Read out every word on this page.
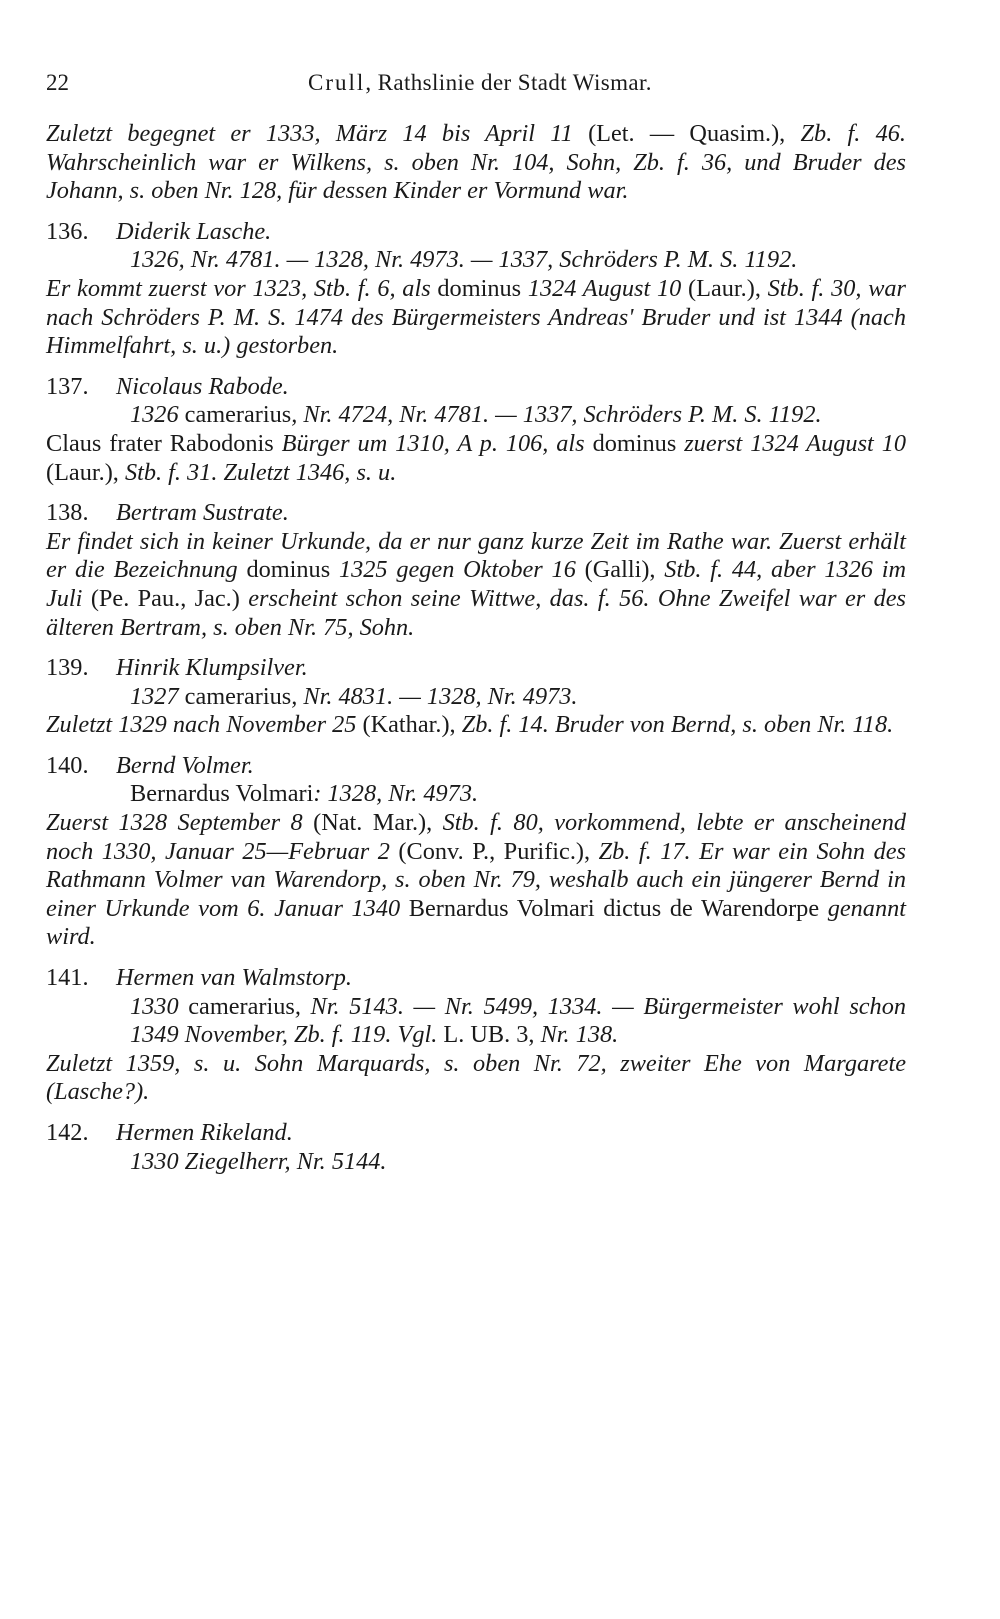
22	Crull, Rathslinie der Stadt Wismar.

Zuletzt begegnet er 1333, März 14 bis April 11 (Let. — Quasim.), Zb. f. 46. Wahrscheinlich war er Wilkens, s. oben Nr. 104, Sohn, Zb. f. 36, und Bruder des Johann, s. oben Nr. 128, für dessen Kinder er Vormund war.

136. Diderik Lasche.

1326, Nr. 4781. — 1328, Nr. 4973. — 1337, Schröders P. M. S. 1192.

Er kommt zuerst vor 1323, Stb. f. 6, als dominus 1324 August 10 (Laur.), Stb. f. 30, war nach Schröders P. M. S. 1474 des Bürgermeisters Andreas' Bruder und ist 1344 (nach Himmelfahrt, s. u.) gestorben.

137. Nicolaus Rabode.

1326 camerarius, Nr. 4724, Nr. 4781. — 1337, Schröders P. M. S. 1192.

Claus frater Rabodonis Bürger um 1310, A p. 106, als dominus zuerst 1324 August 10 (Laur.), Stb. f. 31. Zuletzt 1346, s. u.

138. Bertram Sustrate.

Er findet sich in keiner Urkunde, da er nur ganz kurze Zeit im Rathe war. Zuerst erhält er die Bezeichnung dominus 1325 gegen Oktober 16 (Galli), Stb. f. 44, aber 1326 im Juli (Pe. Pau., Jac.) erscheint schon seine Wittwe, das. f. 56. Ohne Zweifel war er des älteren Bertram, s. oben Nr. 75, Sohn.

139. Hinrik Klumpsilver.

1327 camerarius, Nr. 4831. — 1328, Nr. 4973.

Zuletzt 1329 nach November 25 (Kathar.), Zb. f. 14. Bruder von Bernd, s. oben Nr. 118.

140. Bernd Volmer.

Bernardus Volmari: 1328, Nr. 4973.

Zuerst 1328 September 8 (Nat. Mar.), Stb. f. 80, vorkommend, lebte er anscheinend noch 1330, Januar 25—Februar 2 (Conv. P., Purific.), Zb. f. 17. Er war ein Sohn des Rathmann Volmer van Warendorp, s. oben Nr. 79, weshalb auch ein jüngerer Bernd in einer Urkunde vom 6. Januar 1340 Bernardus Volmari dictus de Warendorpe genannt wird.

141. Hermen van Walmstorp.

1330 camerarius, Nr. 5143. — Nr. 5499, 1334. — Bürgermeister wohl schon 1349 November, Zb. f. 119. Vgl. L. UB. 3, Nr. 138.

Zuletzt 1359, s. u. Sohn Marquards, s. oben Nr. 72, zweiter Ehe von Margarete (Lasche?).

142. Hermen Rikeland.

1330 Ziegelherr, Nr. 5144.
